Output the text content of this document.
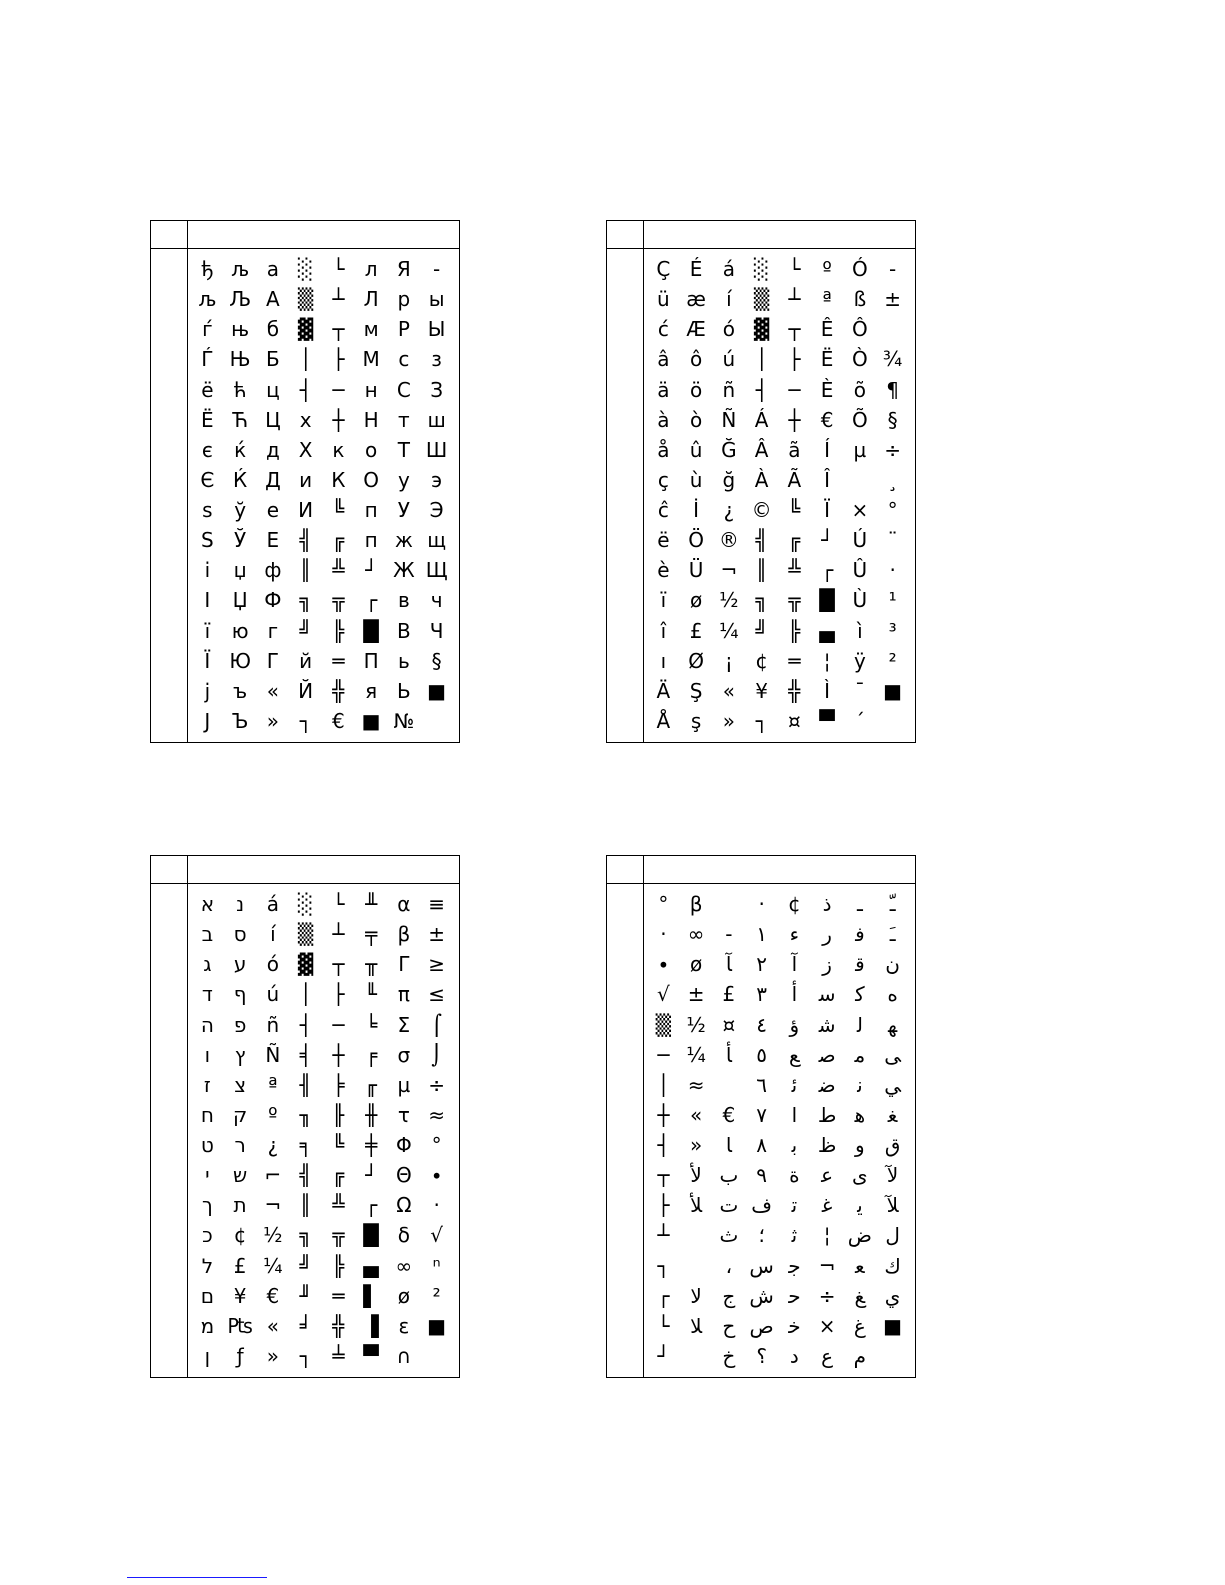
ђ
љ
ѓ
Ѓ
ё
Ё
є
Є
ѕ
Ѕ
і
І
ї
Ї
ј
Ј
љ
Љ
њ
Њ
ћ
Ћ
ќ
Ќ
ў
Ў
џ
Џ
ю
Ю
ъ
Ъ
а
А
б
Б
ц
Ц
д
Д
е
Е
ф
Ф
г
Г
«
»
░
▒
▓
│
┤
х
Х
и
И
╣
║
╗
╝
й
Й
┐
└
┴
┬
├
─
┼
к
К
╚
╔
╩
╦
╠
═
╬
€
л
Л
м
М
н
Н
о
О
п
п
┘
┌
█
П
я
■
Я
р
Р
с
С
т
Т
у
У
ж
Ж
в
В
ь
Ь
№
-
ы
Ы
з
З
ш
Ш
э
Э
щ
Щ
ч
Ч
§
■
Ç
ü
ć
â
ä
à
å
ç
ĉ
ë
è
ï
î
ı
Ä
Å
É
æ
Æ
ô
ö
ò
û
ù
İ
Ö
Ü
ø
£
Ø
Ş
ş
á
í
ó
ú
ñ
Ñ
Ğ
ğ
¿
®
¬
½
¼
¡
«
»
░
▒
▓
│
┤
Á
Â
À
©
╣
║
╗
╝
¢
¥
┐
└
┴
┬
├
─
┼
ã
Ã
╚
╔
╩
╦
╠
═
╬
¤
º
ª
Ê
Ë
È
€
Í
Î
Ï
┘
┌
█
▄
¦
Ì
▀
Ó
ß
Ô
Ò
õ
Õ
µ
×
Ú
Û
Ù
ì
ÿ
¯
´
-
±
¾
¶
§
÷
¸
°
¨
·
¹
³
²
■
א
ב
ג
ד
ה
ו
ז
ח
ט
י
ך
כ
ל
ם
מ
ן
נ
ס
ע
ף
פ
ץ
צ
ק
ר
ש
ת
¢
£
¥
₧
ƒ
á
í
ó
ú
ñ
Ñ
ª
º
¿
⌐
¬
½
¼
€
«
»
░
▒
▓
│
┤
╡
╢
╖
╕
╣
║
╗
╝
╜
╛
┐
└
┴
┬
├
─
┼
╞
╟
╚
╔
╩
╦
╠
═
╬
╧
╨
╤
╥
╙
╘
╒
╓
╫
╪
┘
┌
█
▄
▌
▐
▀
α
β
Γ
π
Σ
σ
µ
τ
Φ
Θ
Ω
δ
∞
ø
ε
∩
≡
±
≥
≤
⌠
⌡
÷
≈
°
∙
·
√
ⁿ
²
■
°
·
∙
√
▒
─
│
┼
┤
┬
├
┴
┐
┌
└
┘
β
∞
ø
±
½
¼
≈
«
»
ﻷ
ﻸ
ﻻ
ﻼ
-
ﺂ
£
¤
ﺄ
€
ﺎ
ﺏ
ﺕ
ﺙ
،
ﺝ
ﺡ
ﺥ
·
١
٢
٣
٤
٥
٦
٧
٨
٩
ﻑ
؛
ﺱ
ﺵ
ﺹ
؟
¢
ﺀ
ﺁ
ﺃ
ﺅ
ﻊ
ﺋ
ﺍ
ﺑ
ﺓ
ﺗ
ﺛ
ﺟ
ﺣ
ﺧ
ﺩ
ﺫ
ﺭ
ﺯ
ﺳ
ﺷ
ﺻ
ﺿ
ﻁ
ﻅ
ﻋ
ﻏ
¦
¬
÷
×
ﻉ
ـ
ﻓ
ﻗ
ﻛ
ﻟ
ﻣ
ﻧ
ﻫ
ﻭ
ﻯ
ﻳ
ﺽ
ﻌ
ﻎ
ﻍ
ﻡ
ﹽ
ﹷ
ﻥ
ﻩ
ﻬ
ﻰ
ﻲ
ﻐ
ﻕ
ﻵ
ﻶ
ﻝ
ﻙ
ﻱ
■
